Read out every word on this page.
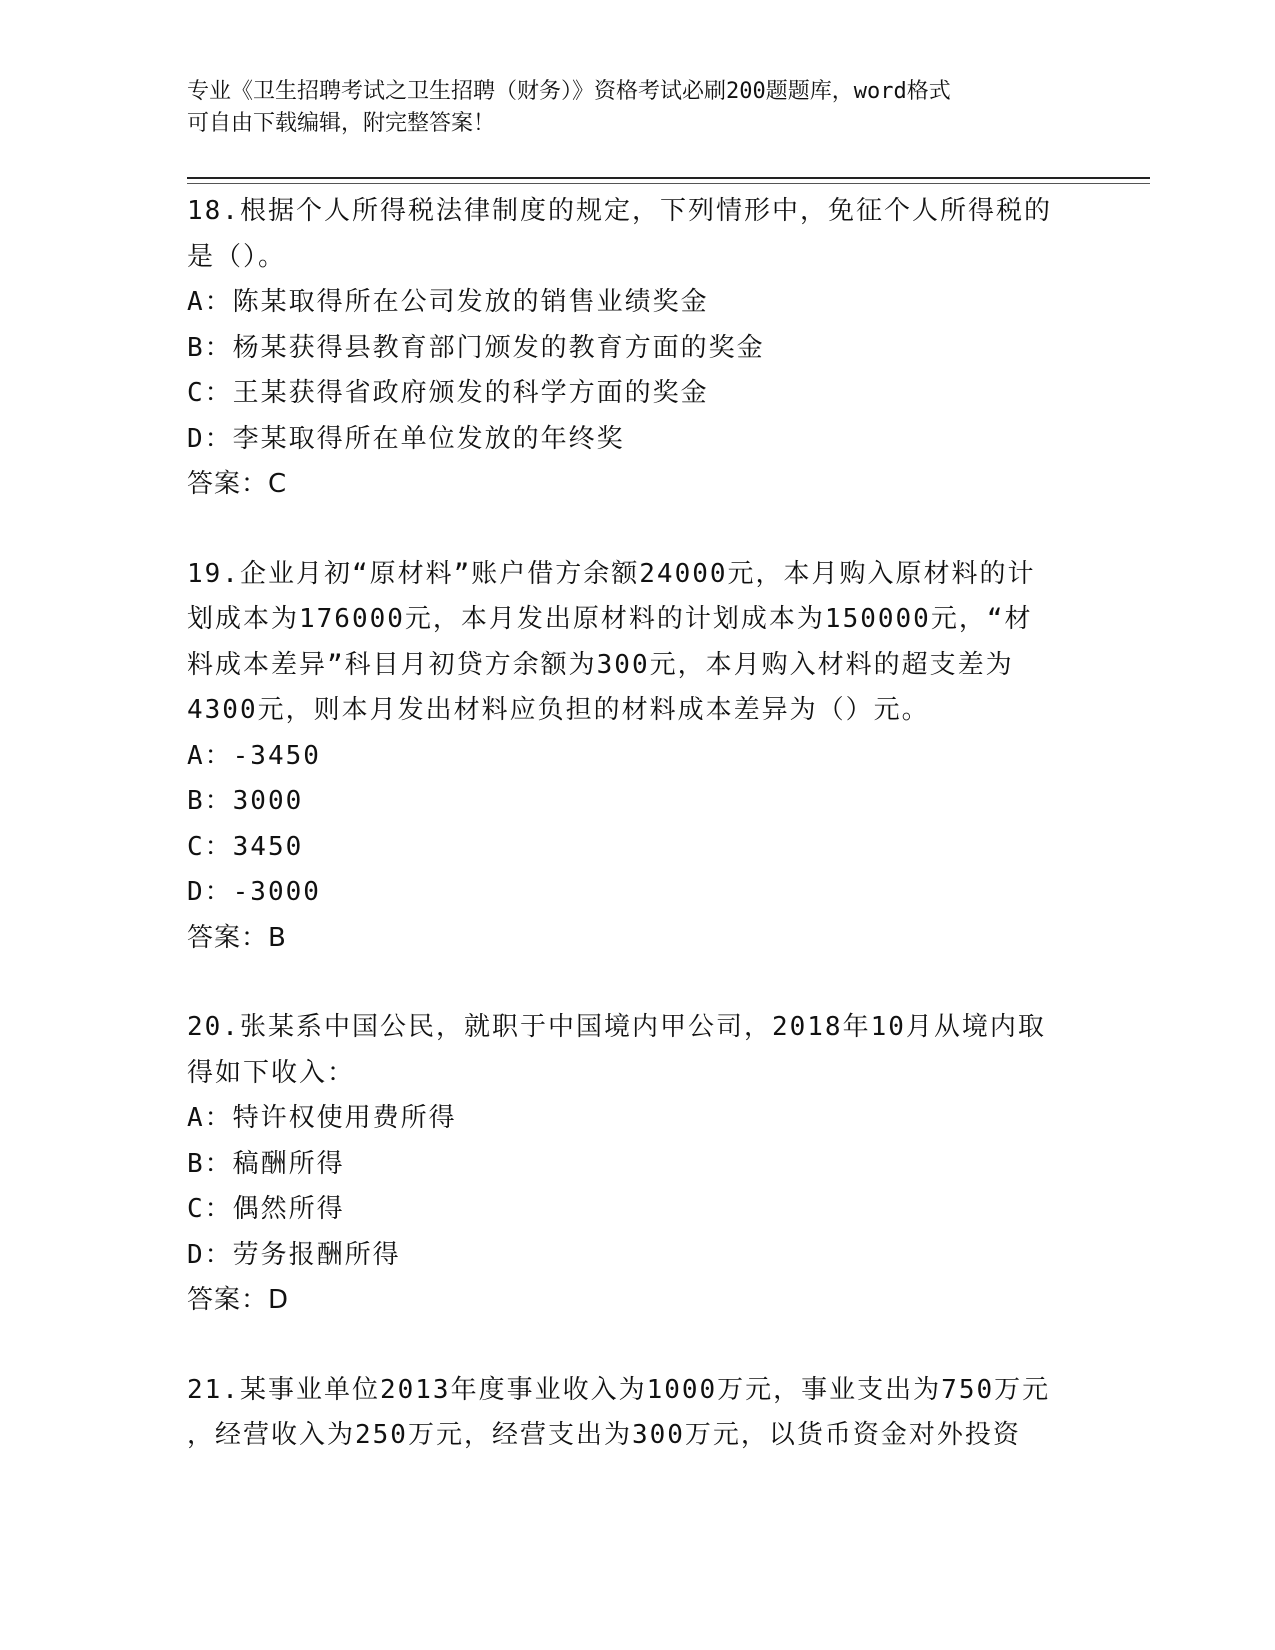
专业《卫生招聘考试之卫生招聘（财务）》资格考试必刷200题题库，word格式
可自由下载编辑，附完整答案！
18.根据个人所得税法律制度的规定，下列情形中，免征个人所得税的
是（）。
A：陈某取得所在公司发放的销售业绩奖金
B：杨某获得县教育部门颁发的教育方面的奖金
C：王某获得省政府颁发的科学方面的奖金
D：李某取得所在单位发放的年终奖
答案：C
19.企业月初“原材料”账户借方余额24000元，本月购入原材料的计
划成本为176000元，本月发出原材料的计划成本为150000元，“材
料成本差异”科目月初贷方余额为300元，本月购入材料的超支差为
4300元，则本月发出材料应负担的材料成本差异为（）元。
A：-3450
B：3000
C：3450
D：-3000
答案：B
20.张某系中国公民，就职于中国境内甲公司，2018年10月从境内取
得如下收入：
A：特许权使用费所得
B：稿酬所得
C：偶然所得
D：劳务报酬所得
答案：D
21.某事业单位2013年度事业收入为1000万元，事业支出为750万元
，经营收入为250万元，经营支出为300万元，以货币资金对外投资
